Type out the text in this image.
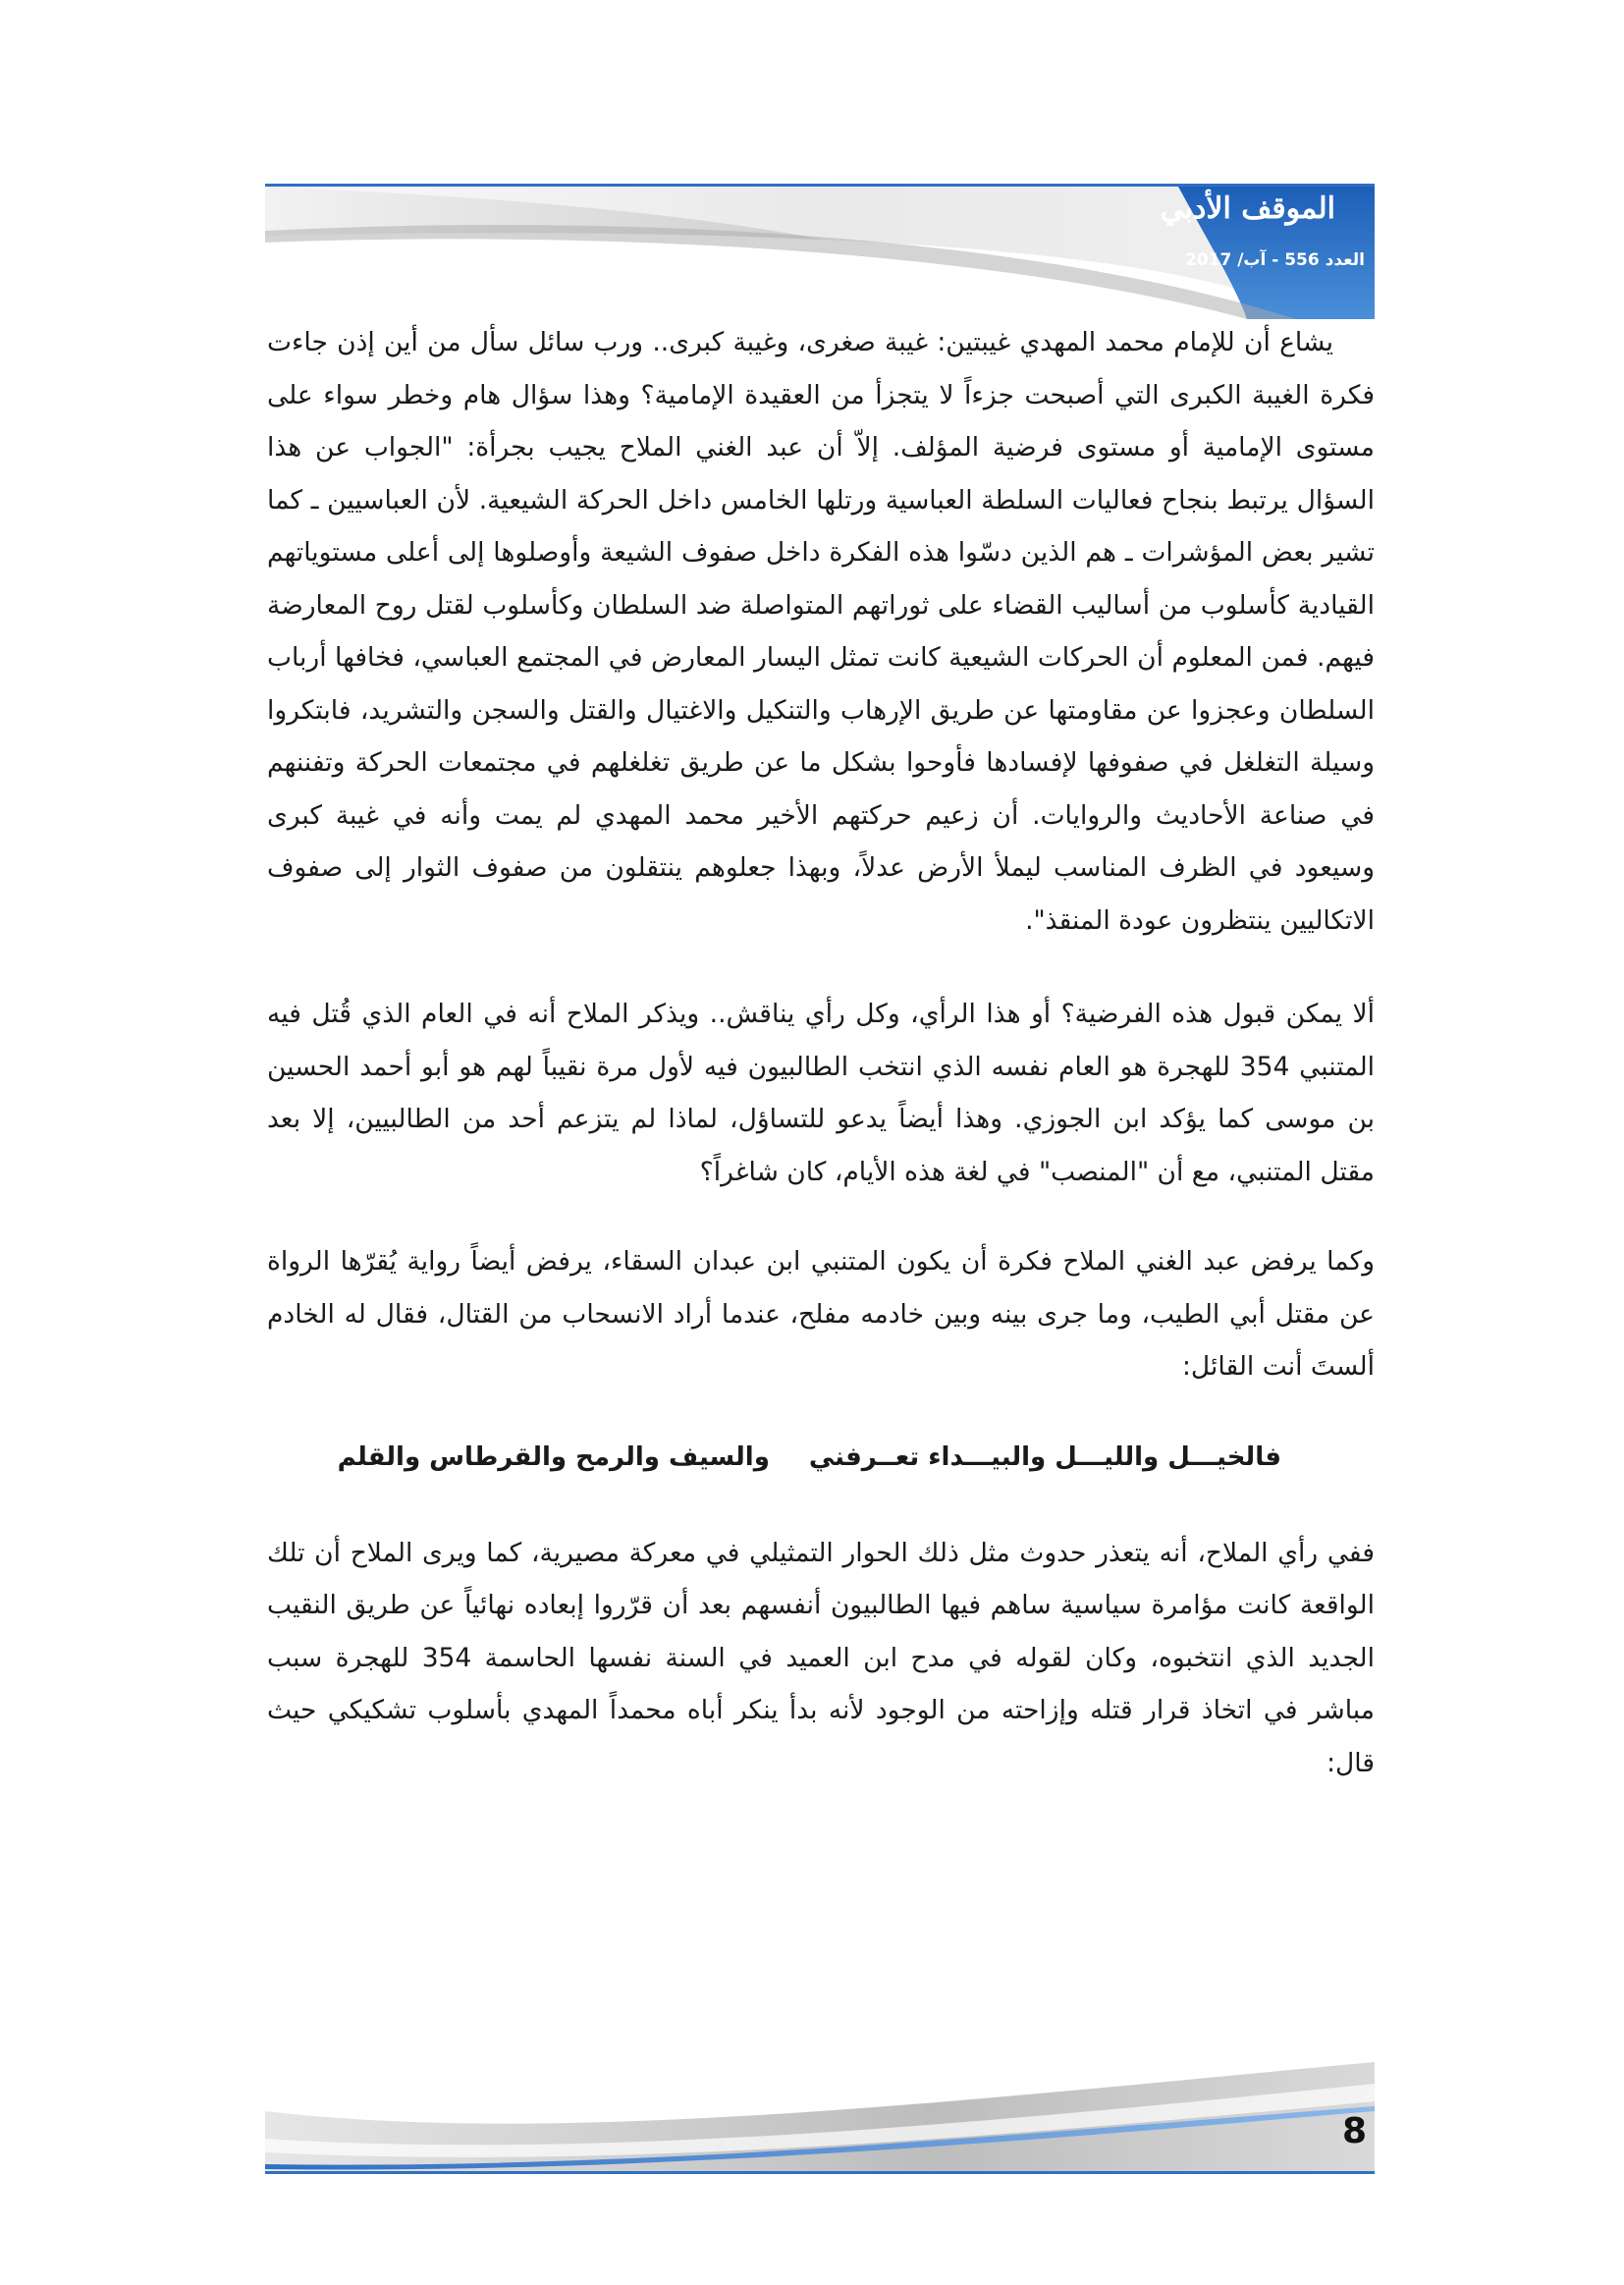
الموقف الأدبي
العدد 556 - آب/ 2017

يشاع أن للإمام محمد المهدي غيبتين: غيبة صغرى، وغيبة كبرى.. ورب سائل سأل من أين إذن جاءت فكرة الغيبة الكبرى التي أصبحت جزءاً لا يتجزأ من العقيدة الإمامية؟ وهذا سؤال هام وخطر سواء على مستوى الإمامية أو مستوى فرضية المؤلف. إلاّ أن عبد الغني الملاح يجيب بجرأة: "الجواب عن هذا السؤال يرتبط بنجاح فعاليات السلطة العباسية ورتلها الخامس داخل الحركة الشيعية. لأن العباسيين ـ كما تشير بعض المؤشرات ـ هم الذين دسّوا هذه الفكرة داخل صفوف الشيعة وأوصلوها إلى أعلى مستوياتهم القيادية كأسلوب من أساليب القضاء على ثوراتهم المتواصلة ضد السلطان وكأسلوب لقتل روح المعارضة فيهم. فمن المعلوم أن الحركات الشيعية كانت تمثل اليسار المعارض في المجتمع العباسي، فخافها أرباب السلطان وعجزوا عن مقاومتها عن طريق الإرهاب والتنكيل والاغتيال والقتل والسجن والتشريد، فابتكروا وسيلة التغلغل في صفوفها لإفسادها فأوحوا بشكل ما عن طريق تغلغلهم في مجتمعات الحركة وتفننهم في صناعة الأحاديث والروايات. أن زعيم حركتهم الأخير محمد المهدي لم يمت وأنه في غيبة كبرى وسيعود في الظرف المناسب ليملأ الأرض عدلاً، وبهذا جعلوهم ينتقلون من صفوف الثوار إلى صفوف الاتكاليين ينتظرون عودة المنقذ".

ألا يمكن قبول هذه الفرضية؟ أو هذا الرأي، وكل رأي يناقش.. ويذكر الملاح أنه في العام الذي قُتل فيه المتنبي 354 للهجرة هو العام نفسه الذي انتخب الطالبيون فيه لأول مرة نقيباً لهم هو أبو أحمد الحسين بن موسى كما يؤكد ابن الجوزي. وهذا أيضاً يدعو للتساؤل، لماذا لم يتزعم أحد من الطالبيين، إلا بعد مقتل المتنبي، مع أن "المنصب" في لغة هذه الأيام، كان شاغراً؟

وكما يرفض عبد الغني الملاح فكرة أن يكون المتنبي ابن عبدان السقاء، يرفض أيضاً رواية يُقرّها الرواة عن مقتل أبي الطيب، وما جرى بينه وبين خادمه مفلح، عندما أراد الانسحاب من القتال، فقال له الخادم ألستَ أنت القائل:

فالخيـــل والليـــل والبيـــداء تعــرفنيوالسيف والرمح والقرطاس والقلم

ففي رأي الملاح، أنه يتعذر حدوث مثل ذلك الحوار التمثيلي في معركة مصيرية، كما ويرى الملاح أن تلك الواقعة كانت مؤامرة سياسية ساهم فيها الطالبيون أنفسهم بعد أن قرّروا إبعاده نهائياً عن طريق النقيب الجديد الذي انتخبوه، وكان لقوله في مدح ابن العميد في السنة نفسها الحاسمة 354 للهجرة سبب مباشر في اتخاذ قرار قتله وإزاحته من الوجود لأنه بدأ ينكر أباه محمداً المهدي بأسلوب تشكيكي حيث قال:

8
